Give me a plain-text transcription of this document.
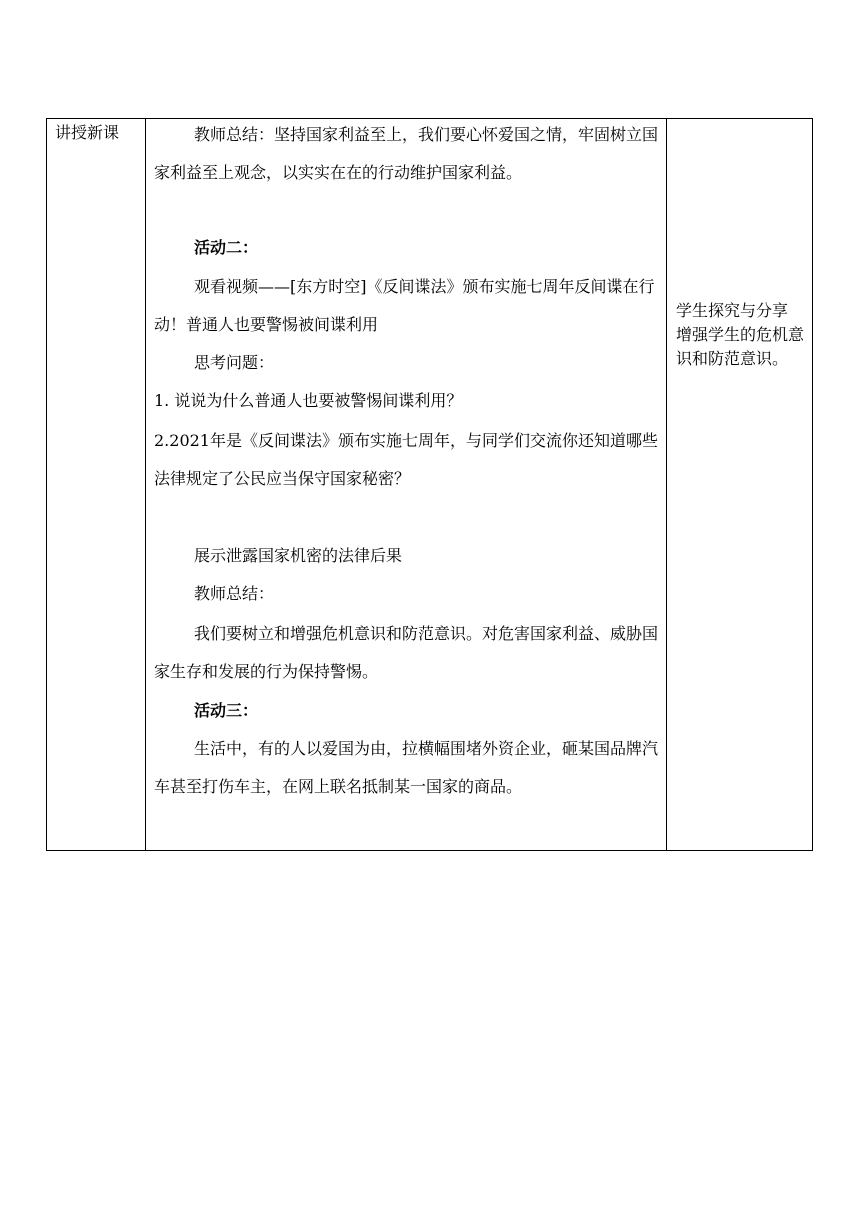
讲授新课	教师总结：坚持国家利益至上，我们要心怀爱国之情，牢固树立国家利益至上观念，以实实在在的行动维护国家利益。
活动二：
观看视频——[东方时空]《反间谍法》颁布实施七周年反间谍在行动！普通人也要警惕被间谍利用
思考问题：
1. 说说为什么普通人也要被警惕间谍利用？
2.2021年是《反间谍法》颁布实施七周年，与同学们交流你还知道哪些法律规定了公民应当保守国家秘密？
展示泄露国家机密的法律后果
教师总结：
我们要树立和增强危机意识和防范意识。对危害国家利益、威胁国家生存和发展的行为保持警惕。
活动三：
生活中，有的人以爱国为由，拉横幅围堵外资企业，砸某国品牌汽车甚至打伤车主，在网上联名抵制某一国家的商品。
学生探究与分享
增强学生的危机意识和防范意识。
